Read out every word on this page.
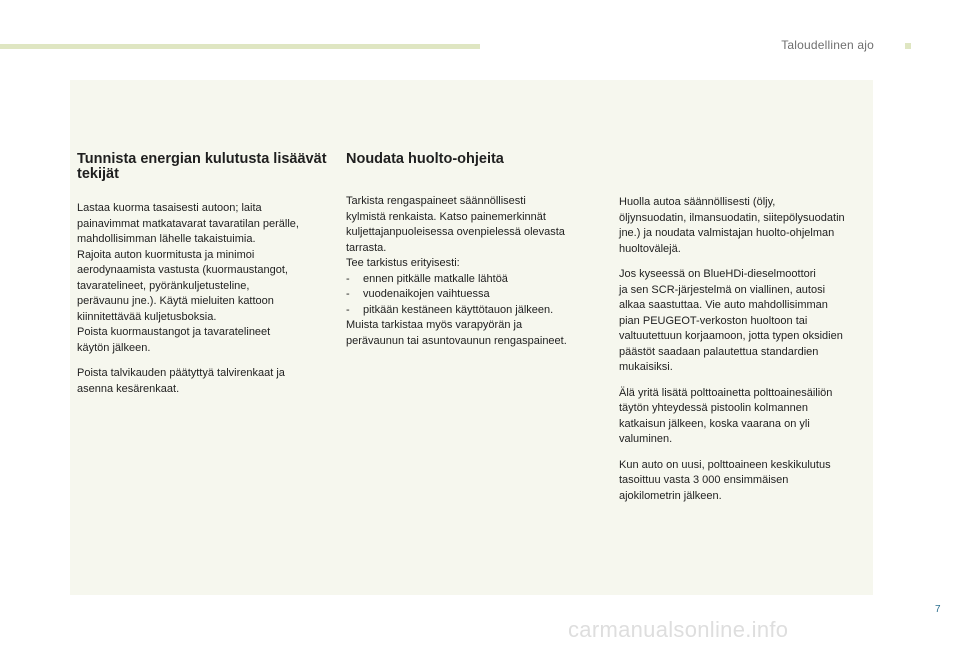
Taloudellinen ajo
Tunnista energian kulutusta lisäävät tekijät

Lastaa kuorma tasaisesti autoon; laita

painavimmat matkatavarat tavaratilan perälle,

mahdollisimman lähelle takaistuimia.

Rajoita auton kuormitusta ja minimoi

aerodynaamista vastusta (kuormaustangot,

tavaratelineet, pyöränkuljetusteline,

perävaunu jne.). Käytä mieluiten kattoon

kiinnitettävää kuljetusboksia.

Poista kuormaustangot ja tavaratelineet

käytön jälkeen.

Poista talvikauden päätyttyä talvirenkaat ja

asenna kesärenkaat.

Noudata huolto-ohjeita

Tarkista rengaspaineet säännöllisesti

kylmistä renkaista. Katso painemerkinnät

kuljettajanpuoleisessa ovenpielessä olevasta

tarrasta.

Tee tarkistus erityisesti:

- ennen pitkälle matkalle lähtöä

- vuodenaikojen vaihtuessa

- pitkään kestäneen käyttötauon jälkeen.

Muista tarkistaa myös varapyörän ja

perävaunun tai asuntovaunun rengaspaineet.

Huolla autoa säännöllisesti (öljy,

öljynsuodatin, ilmansuodatin, siitepölysuodatin

jne.) ja noudata valmistajan huolto-ohjelman

huoltovälejä.

Jos kyseessä on BlueHDi-dieselmoottori

ja sen SCR-järjestelmä on viallinen, autosi

alkaa saastuttaa. Vie auto mahdollisimman

pian PEUGEOT-verkoston huoltoon tai

valtuutettuun korjaamoon, jotta typen oksidien

päästöt saadaan palautettua standardien

mukaisiksi.

Älä yritä lisätä polttoainetta polttoainesäiliön

täytön yhteydessä pistoolin kolmannen

katkaisun jälkeen, koska vaarana on yli

valuminen.

Kun auto on uusi, polttoaineen keskikulutus

tasoittuu vasta 3 000 ensimmäisen

ajokilometrin jälkeen.

7
carmanualsonline.info
